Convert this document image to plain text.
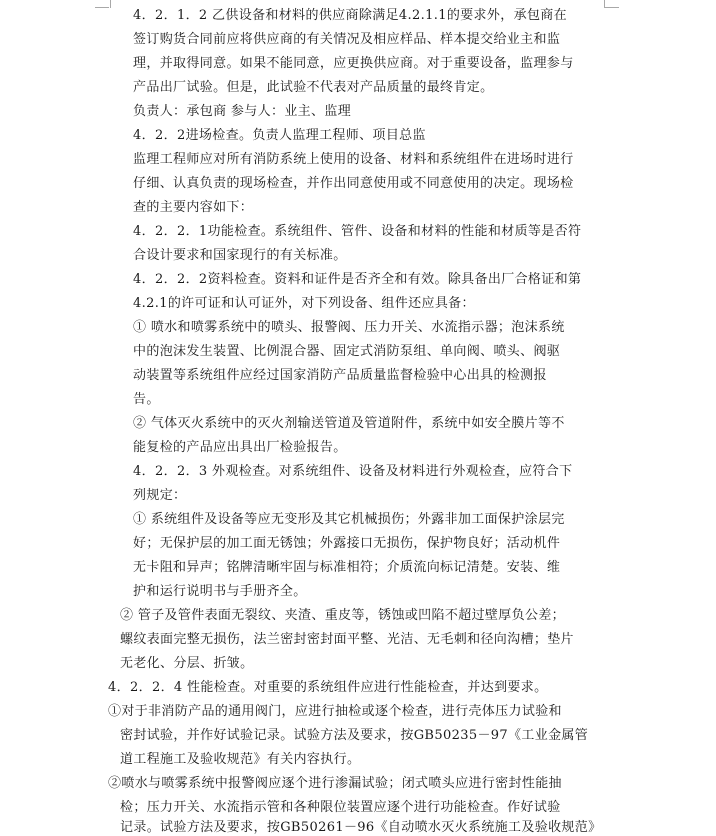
4．2．1．2 乙供设备和材料的供应商除满足4.2.1.1的要求外，承包商在
签订购货合同前应将供应商的有关情况及相应样品、样本提交给业主和监
理，并取得同意。如果不能同意，应更换供应商。对于重要设备，监理参与
产品出厂试验。但是，此试验不代表对产品质量的最终肯定。
负责人：承包商 参与人：业主、监理
4．2．2进场检查。负责人监理工程师、项目总监
监理工程师应对所有消防系统上使用的设备、材料和系统组件在进场时进行
仔细、认真负责的现场检查，并作出同意使用或不同意使用的决定。现场检
查的主要内容如下：
4．2．2．1功能检查。系统组件、管件、设备和材料的性能和材质等是否符
合设计要求和国家现行的有关标准。
4．2．2．2资料检查。资料和证件是否齐全和有效。除具备出厂合格证和第
4.2.1的许可证和认可证外，对下列设备、组件还应具备：
① 喷水和喷雾系统中的喷头、报警阀、压力开关、水流指示器；泡沫系统
中的泡沫发生装置、比例混合器、固定式消防泵组、单向阀、喷头、阀驱
动装置等系统组件应经过国家消防产品质量监督检验中心出具的检测报
告。
② 气体灭火系统中的灭火剂输送管道及管道附件，系统中如安全膜片等不
能复检的产品应出具出厂检验报告。
4．2．2．3 外观检查。对系统组件、设备及材料进行外观检查，应符合下
列规定：
① 系统组件及设备等应无变形及其它机械损伤；外露非加工面保护涂层完
好；无保护层的加工面无锈蚀；外露接口无损伤，保护物良好；活动机件
无卡阻和异声；铭牌清晰牢固与标准相符；介质流向标记清楚。安装、维
护和运行说明书与手册齐全。
② 管子及管件表面无裂纹、夹渣、重皮等，锈蚀或凹陷不超过壁厚负公差；
螺纹表面完整无损伤，法兰密封密封面平整、光洁、无毛刺和径向沟槽；垫片
无老化、分层、折皱。
4．2．2．4 性能检查。对重要的系统组件应进行性能检查，并达到要求。
①对于非消防产品的通用阀门，应进行抽检或逐个检查，进行壳体压力试验和
密封试验，并作好试验记录。试验方法及要求，按GB50235－97《工业金属管
道工程施工及验收规范》有关内容执行。
②喷水与喷雾系统中报警阀应逐个进行渗漏试验；闭式喷头应进行密封性能抽
检；压力开关、水流指示管和各种限位装置应逐个进行功能检查。作好试验
记录。试验方法及要求，按GB50261－96《自动喷水灭火系统施工及验收规范》
